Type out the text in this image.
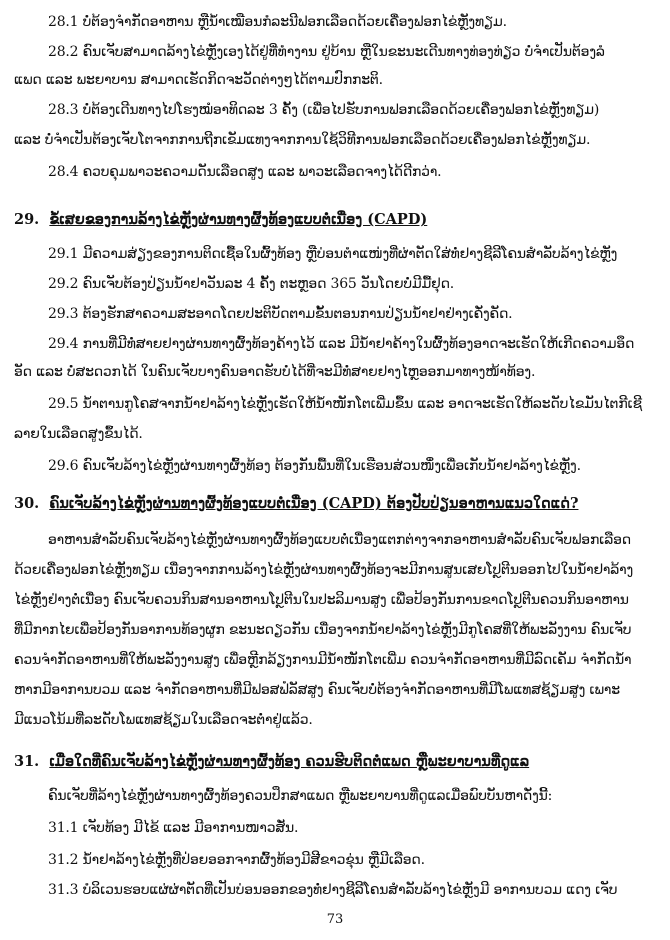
28.1 ບໍ່ຕ້ອງຈຳກັດອາຫານ ຫຼືນໍ້າເໝືອນກໍລະນີຟອກເລືອດດ້ວຍເຄື່ອງຟອກໄຂ່ຫຼັງທຽມ.
28.2 ຄົນເຈັບສາມາດລ້າງໄຂ່ຫຼັງເອງໄດ້ຢູ່ທີ່ທຳງານ ຢູ່ບ້ານ ຫຼືໃນຂະນະເດີນທາງທ່ອງທ່ຽວ ບໍ່ຈຳເປັນຕ້ອງລໍ
ແພດ ແລະ ພະຍາບານ ສາມາດເຮັດກິດຈະວັດຕ່າງໆໄດ້ຕາມປົກກະຕິ.
28.3 ບໍ່ຕ້ອງເດີນທາງໄປໂຮງໝໍອາທິດລະ 3 ຄັ້ງ (ເພື່ອໄປຮັບການຟອກເລືອດດ້ວຍເຄື່ອງຟອກໄຂ່ຫຼັງທຽມ)
ແລະ ບໍ່ຈຳເປັນຕ້ອງເຈັບໂຕຈາກການຖີກເຂັມແທງຈາກການໃຊ້ວິທີການຟອກເລືອດດ້ວຍເຄື່ອງຟອກໄຂ່ຫຼັງທຽມ.
28.4 ຄວບຄຸມພາວະຄວາມດັນເລືອດສູງ ແລະ ພາວະເລືອດຈາງໄດ້ດີກວ່າ.
29. ຂໍ້ເສຍຂອງການລ້າງໄຂ່ຫຼັງຜ່ານທາງຜົ້ງທ້ອງແບບຕໍ່ເນື່ອງ (CAPD)
29.1 ມີຄວາມສ່ຽງຂອງການຕິດເຊື້ອໃນຜົ້ງທ້ອງ ຫຼືບ່ອນຕຳແໜ່ງທີ່ຜ່າຕັດໃສ່ທໍ່ຢາງຊີລີໂຄນສຳລັບລ້າງໄຂ່ຫຼັງ
29.2 ຄົນເຈັບຕ້ອງປ່ຽນນໍ້າຢາວັນລະ 4 ຄັ້ງ ຕະຫຼອດ 365 ວັນໂດຍບໍ່ມີມື້ຢຸດ.
29.3 ຕ້ອງຮັກສາຄວາມສະອາດໂດຍປະຕິບັດຕາມຂັ້ນຕອນການປ່ຽນນໍ້າຢາຢ່າງເຄັ່ງຄັດ.
29.4 ການທີ່ມີທໍ່ສາຍຢາງຜ່ານທາງຜົ້ງທ້ອງຄ້າງໄວ້ ແລະ ມີນໍ້າຢາຄ້າງໃນຜົ້ງທ້ອງອາດຈະເຮັດໃຫ້ເກີດຄວາມອຶດ
ອັດ ແລະ ບໍ່ສະດວກໄດ້ ໃນຄົນເຈັບບາງຄົນອາດຮັບບໍ່ໄດ້ທີ່ຈະມີທໍ່ສາຍຢາງໄຫຼອອກມາທາງໜ້າທ້ອງ.
29.5 ນໍ້າຕານກູໂຄສຈາກນໍ້າຢາລ້າງໄຂ່ຫຼັງເຮັດໃຫ້ນໍ້າໜັກໂຕເພີ່ມຂຶ້ນ ແລະ ອາດຈະເຮັດໃຫ້ລະດັບໄຂມັນໄຕກີເຊີ
ລາຍໃນເລືອດສູງຂຶ້ນໄດ້.
29.6 ຄົນເຈັບລ້າງໄຂ່ຫຼັງຜ່ານທາງຜົ້ງທ້ອງ ຕ້ອງກັນພື້ນທີ່ໃນເຮືອນສ່ວນໜຶ່ງເພື່ອເກັບນໍ້າຢາລ້າງໄຂ່ຫຼັງ.
30. ຄົນເຈັບລ້າງໄຂ່ຫຼັງຜ່ານທາງຜົ້ງທ້ອງແບບຕໍ່ເນື່ອງ (CAPD) ຕ້ອງປັບປ່ຽນອາຫານແນວໃດແດ່?
ອາຫານສຳລັບຄົນເຈັບລ້າງໄຂ່ຫຼັງຜ່ານທາງຜົ້ງທ້ອງແບບຕໍ່ເນື່ອງແຕກຕ່າງຈາກອາຫານສຳລັບຄົນເຈັບຟອກເລືອດ
ດ້ວຍເຄື່ອງຟອກໄຂ່ຫຼັງທຽມ ເນື່ອງຈາກການລ້າງໄຂ່ຫຼັງຜ່ານທາງຜົ້ງທ້ອງຈະມີການສູນເສຍໂປຼຕີນອອກໄປໃນນໍ້າຢາລ້າງ
ໄຂ່ຫຼັງຢ່າງຕໍ່ເນື່ອງ ຄົນເຈັບຄວນກິນສານອາຫານໂປຼຕີນໃນປະລິມານສູງ ເພື່ອປ້ອງກັນການຂາດໂປຼຕີນຄວນກິນອາຫານ
ທີ່ມີກາກໄຍເພື່ອປ້ອງກັນອາການທ້ອງຜູກ ຂະນະດຽວກັນ ເນື່ອງຈາກນໍ້າຢາລ້າງໄຂ່ຫຼັງມີກູໂຄສທີ່ໃຫ້ພະລັງງານ ຄົນເຈັບ
ຄວນຈຳກັດອາຫານທີ່ໃຫ້ພະລັງງານສູງ ເພື່ອຫຼີກລ້ຽງການມີນໍ້າໜັກໂຕເພີ່ມ ຄວນຈຳກັດອາຫານທີ່ມີລົດເຄັມ ຈຳກັດນໍ້າ
ຫາກມີອາການບວມ ແລະ ຈຳກັດອາຫານທີ່ມີຟອສຟໍລັສສູງ ຄົນເຈັບບໍ່ຕ້ອງຈຳກັດອາຫານທີ່ມີໂພແທສຊ້ຽມສູງ ເພາະ
ມີແນວໂນ້ມທີ່ລະດັບໂພແທສຊ້ຽມໃນເລືອດຈະຕໍ່າຢູ່ແລ້ວ.
31. ເມື່ອໃດທີ່ຄົນເຈັບລ້າງໄຂ່ຫຼັງຜ່ານທາງຜົ້ງທ້ອງ ຄວນຮີບຕິດຕໍ່ແພດ ຫຼືພະຍາບານທີ່ດູແລ
ຄົນເຈັບທີ່ລ້າງໄຂ່ຫຼັງຜ່ານທາງຜົ້ງທ້ອງຄວນປຶກສາແພດ ຫຼືພະຍາບານທີ່ດູແລເມື່ອພົບບັນຫາດັ່ງນີ້:
31.1 ເຈັບທ້ອງ ມີໄຂ້ ແລະ ມີອາການໜາວສັ່ນ.
31.2 ນໍ້າຢາລ້າງໄຂ່ຫຼັງທີ່ປ່ອຍອອກຈາກຜົ້ງທ້ອງມີສີຂາວຂຸ່ນ ຫຼືມີເລືອດ.
31.3 ບໍລິເວນຮອບແຜ່ຜ່າຕັດທີ່ເປັນບ່ອນອອກຂອງທໍ່ຢາງຊີລີໂຄນສຳລັບລ້າງໄຂ່ຫຼັງມີ ອາການບວມ ແດງ ເຈັບ
73
